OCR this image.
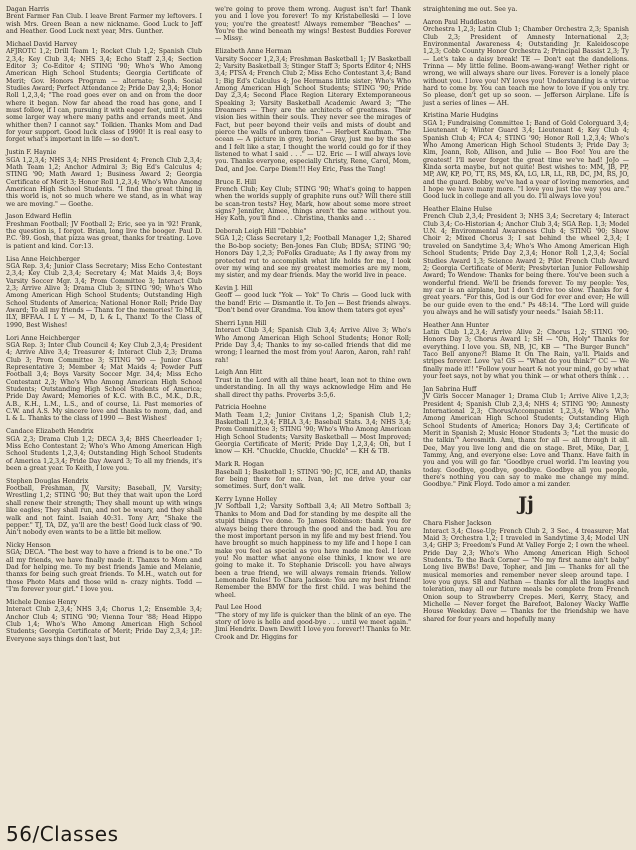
Dagan Harris
Brent Farmer Fan Club. I leave Brent Farmer my leftovers. I wish Mrs. Green Bean a new nickname. Good Luck to Jeff and Heather. Good Luck next year, Mrs. Gunther.
Michael David Harvey
AFJROTC 1,2; Drill Team 1; Rocket Club 1,2; Spanish Club 2,3,4; Key Club 3,4; NHS 3,4; Echo Staff 2,3,4; Section Editor 3; Co-Editor 4; STING '90; Who's Who Among American High School Students; Georgia Certificate of Merit; Gov. Honors Program — alternate; Soph. Social Studies Award; Perfect Attendance 2; Pride Day 2,3,4; Honor Roll 1,2,3,4; "The road goes ever on and on from the door where it began. Now far ahead the road has gone, and I must follow, if I can, pursuing it with eager feet, until it joins some larger way where many paths and errands meet. And whither then? I cannot say." Tolkien. Thanks Mom and Dad for your support. Good luck class of 1990! It is real easy to forget what's important in life — so don't.
Justin F. Haynie
SGA 1,2,3,4; NHS 3,4; NHS President 4; French Club 2,3,4; Math Team 1,2; Anchor Admiral 3; Big Ed's Calculus 4; STING '90; Math Award 1; Business Award 2; Georgia Certificate of Merit 3; Honor Roll 1,2,3,4; Who's Who Among American High School Students. "I find the great thing in this world is, not so much where we stand, as in what way we are moving." — Goethe.
Jason Edward Heflin
Freshman Football; JV Football 2; Eric, see ya in '92! Frank, the question is, I forgot. Brian, long live the booger. Paul D. P.C. '89. Gosh, that pizza was great, thanks for treating. Love is patient and kind. Cor:13.
Lisa Anne Heichberger
SGA Rep. 3,4; Junior Class Secretary; Miss Echo Contestant 2,3,4; Key Club 2,3,4; Secretary 4; Mat Maids 3,4; Boys Varsity Soccer Mgr. 3,4; Prom Committee 3; Interact Club 2,3; Arrive Alive 3; Drama Club 3; STING '90; Who's Who Among American High School Students; Outstanding High School Students of America; National Honor Roll; Pride Day Award; To all my friends — Thanx for the memories! To MLR, ILY, BFFAA. I L Y — M, D, L & L, Thanx! To the Class of 1990, Best Wishes!
Lori Anne Heichberger
SGA Rep. 3; Inter Club Council 4; Key Club 2,3,4; President 4; Arrive Alive 3,4; Treasurer 4; Interact Club 2,3; Drama Club 3; Prom Committee 3; STING '90 — Junior Class Representative 3; Member 4; Mat Maids 4; Powder Puff Football 3,4; Boys Varsity Soccer Mgr. 34,4; Miss Echo Contestant 2,3; Who's Who Among American High School Students; Outstanding High School Students of America; Pride Day Award; Memories of K.C. with B.C., M.K., D.R., A.B., K.H., L.M., L.S., and of course, Li. Past memories of C.W. and A.S. My sincere love and thanks to mom, dad, and L & L. Thanks to the class of 1990 — Best Wishes!
Candace Elizabeth Hendrix
SGA 2,3; Drama Club 1,2; DECA 3,4; BHS Cheerleader 1; Miss Echo Contestant 2; Who's Who Among American High School Students 1,2,3,4; Outstanding High School Students of America 1,2,3,4; Pride Day Award 3; To all my friends, it's been a great year. To Keith, I love you.
Stephen Douglas Hendrix
Football, Freshman, JV, Varsity; Baseball, JV, Varsity; Wrestling 1,2; STING '90; But they that wait upon the Lord shall renew their strength; They shall mount up with wings like eagles; They shall run, and not be weary, and they shall walk and not faint. Isaiah 40:31. Tony Arr, "Shake the pepper." TJ, TA, DZ, ya'll are the best! Good luck class of '90. Ain't nobody even wants to be a little bit mellow.
Nicky Henson
SGA; DECA. "The best way to have a friend is to be one." To all my friends, we have finally made it. Thanxs to Mom and Dad for helping me. To my best friends Jamie and Melanie, thanxs for being such great friends. To M.H., watch out for those Photo Mats and those wild n- crazy nights. Todd — "I'm forever your girl." I love you.
Michele Denise Henry
Interact Club 2,3,4; NHS 3,4; Chorus 1,2; Ensemble 3,4; Anchor Club 4; STING '90; Vienna Tour '88; Head Hippo Club 1,4; Who's Who Among American High School Students; Georgia Certificate of Merit; Pride Day 2,3,4; J.P.: Everyone says things don't last, but
we're going to prove them wrong. August isn't far! Thank you and I love you forever! To my Kristabelleski — I love you; you're the greatest! Always remember "Beaches" — You're the wind beneath my wings! Bestest Buddies Forever — Missy.
Elizabeth Anne Herman
Varsity Soccer 1,2,3,4; Freshman Basketball 1; JV Basketball 2; Varsity Basketball 3; Stinger Staff 3; Sports Editor 4; NHS 3,4; PTSA 4; French Club 2; Miss Echo Contestant 3,4; Band 1; Big Ed's Calculus 4; Joe Hermans little sister; Who's Who Among American High School Students; STING '90; Pride Day 2,3,4; Second Place Region Literary Extemporaneous Speaking 3; Varsity Basketball Academic Award 3; "The Dreamers — They are the architects of greatness. Their vision lies within their souls. They never see the mirages of Fact, but peer beyond their veils and mists of doubt and pierce the walls of unborn time." — Herbert Kaufman. "The ocean — A picture in grey, borian Gray, just me by the sea and I felt like a star, I thought the world could go for if they listened to what I said . . ." — U2. Eric — I will always love you. Thanks everyone, especially Christy, Rene, Carol, Mom, Dad, and Joe. Carpe Diem!!! Hey Eric, Pass the Tang!
Bruce E. Hill
French Club; Key Club; STING '90; What's going to happen when the worlds supply of graphite runs out? Will there still be scan-tron tests? Hey, Mark, how about some more street signs? Jennifer, Aimee, things aren't the same without you. Hey Kath, you'll find . . . Christina, thanks and . . .
Deborah Leigh Hill "Debbie"
SGA 1,2; Class Secretary 1,2; Football Manager 1,2; Shared the Bo-bop society; Ben-Jones Fan Club; BDSA; STING '90; Honors Day 1,2,3; PoFolks Graduate; As I fly away from my protected rut to accomplish what life holds for me, I look over my wing and see my greatest memories are my mom, my sister, and my dear friends. May the world live in peace.
Kevin J. Hill
Geoff — good luck "Yok — Yok" To Chris — Good luck with the band! Eric — Dismantle it. To Jen — Best friends always. "Don't bend over Grandma. You know them taters got eyes"
Sherri Lynn Hill
Interact Club 3,4; Spanish Club 3,4; Arrive Alive 3; Who's Who Among American High School Students; Honor Roll; Pride Day 3,4; Thanks to my so-called friends that did me wrong; I learned the most from you! Aaron, Aaron, rah! rah! rah!
Leigh Ann Hitt
Trust in the Lord with all thine heart, lean not to thine own understanding. In all thy ways acknowledge Him and He shall direct thy paths. Proverbs 3:5,6.
Patricia Hoehne
Math Team 1,2; Junior Civitans 1,2; Spanish Club 1,2; Basketball 1,2,3,4; FBLA 3,4; Baseball Stats. 3,4; NHS 3,4; Prom Committee 3; STING '90; Who's Who Among American High School Students; Varsity Basketball — Most Improved; Georgia Certificate of Merit; Pride Day 1,2,3,4; Oh, but I know — KH. "Chuckle, Chuckle, Chuckle" — KH & TB.
Mark R. Hogan
Baseball 1; Basketball 1; STING '90; JC, ICE, and AD, thanks for being there for me. Ivan, let me drive your car sometimes. Surf, don't walk.
Kerry Lynne Holley
JV Softball 1,2; Varsity Softball 3,4; All Metro Softball 3; Thanks to Mom and Dad for standing by me despite all the stupid things I've done. To James Robinson: thank you for always being there through the good and the bad. You are the most important person in my life and my best friend. You have brought so much happiness to my life and I hope I can make you feel as special as you have made me feel. I love you! No matter what anyone else thinks, I know we are going to make it. To Stephanie Driscoll: you have always been a true friend, we will always remain friends. Yellow Lemonade Rules! To Chara Jackson: You are my best friend! Remember the BMW for the first child. I was behind the wheel.
Paul Lee Hood
"The story of my life is quicker than the blink of an eye. The story of love is hello and good-bye . . . until we meet again." Jimi Hendrix. Dawn Dewitt I love you forever!! Thanks to Mr. Crook and Dr. Higgins for
straightening me out. See ya.
Aaron Paul Huddleston
Orchestra 1,2,3; Latin Club 1; Chamber Orchestra 2,3; Spanish Club 2,3; President of Amnesty International 2,3; Environmental Awareness 4; Outstanding Jr. Kaleidoscope 1,2,3; Cobb County Honor Orchestra 2; Principal Bassist 2,3; Ty — Let's take a daisy break! TE — Don't eat the dandelions. Trinna — My little feline. Boom-awang-wang! Wether right or wrong, we will always share our lives. Forever is a lonely place without you. I love you! NY loves you! Understanding is a virtue hard to come by. You can teach me how to love if you only try. So please, don't get up so soon. — Jefferson Airplane. Life is just a series of lines — AH.
Kristina Marie Hudgins
SGA 1; Fundraising Committee 1; Band of Gold Colorguard 3,4; Lieutenant 4; Winter Guard 3,4; Lieutenant 4; Key Club 4; Spanish Club 4; FCA 4; STING '90; Honor Roll 1,2,3,4; Who's Who Among American High School Students 3; Pride Day 3; Kim, Joann, Rob, Allison, and Julie — Boo Foo! You are the greatest! I'll never forget the great time we've had! JoJo — Kinda sorta maybe, but not quite! Best wishes to: MM, JB, PP, MP, AW, KP, PO, TT, RS, MS, KA, LG, LR, LL, RB, DC, JM, RS, JO, and the guard. Bobby, we've had a year of loving memories, and I hope we have many more. "I love you just the way you are." Good luck in college and all you do. I'll always love you!
Heather Elaine Hulse
French Club 2,3,4; President 3; NHS 3,4; Secretary 4; Interact Club 3,4; Co-Historian 4; Anchor Club 3,4; SGA Rep. 1,3; Model U.N. 4; Environmental Awareness Club 4; STING '90; Show Choir 2; Mixed Chorus 3; I sat behind the wheel 2,3,4; I traveled on Sandytime 3,4; Who's Who Among American High School Students; Pride Day 2,3,4; Honor Roll 1,2,3,4; Social Studies Award 1,3; Science Award 2; Pilot French Club Award 2; Georgia Certificate of Merit; Presbyterian Junior Fellowship Award; To Wendow: Thanks for being there. You've been such a wonderful friend. We'll be friends forever. To my people: Yes, my car is an airplane, but I don't drive too slow. Thanks for 4 great years. "For this, God is our God for ever and ever; He will be our guide even to the end." Ps 48:14. "The Lord will guide you always and he will satisfy your needs." Isaiah 58:11.
Heather Ann Hunter
Latin Club 1,2,3,4; Arrive Alive 2; Chorus 1,2; STING '90; Honors Day 3; Chorus Award 1; SH — "Oh, Holy" Thanks for everything. I love you. SB, NB, JC, KB — "The Burger Bunch" Taco Bell anyone?! Blame It On The Rain, ya'll. Plaids and stripes forever. Love 'ya! GS — "What do you think?" CC — We finally made it!! "Follow your heart & not your mind, go by what your feet says, not by what you think — or what others think . . .
Jan Sabrina Huff
JV Girls Soccer Manager 1; Drama Club 1; Arrive Alive 1,2,3; President 4; Spanish Club 2,3,4; NHS 4; STING '90; Amnesty International 2,3; Chorus/Accompanist 1,2,3,4; Who's Who Among American High School Students; Outstanding High School Students of America; Honors Day 3,4; Certificate of Merit in Spanish 2; Music Honor Students 3; "Let the music do the talkin'" Aerosmith. Ami, thanx for all — all through it all. Dee, May you live long and die on stage. Bret, Mike, Dar, J, Tammy, Ang, and everyone else: Love and Thanx. Have faith in you and you will go far. "Goodbye cruel world. I'm leaving you today. Goodbye, goodbye, goodbye. Goodbye all you people, there's nothing you can say to make me change my mind. Goodbye." Pink Floyd. Todo amor a mi zander.
Jj
Chara Fisher Jackson
Interact 3,4; Close-Up; French Club 2, 3 Sec., 4 treasurer; Mat Maid 3; Orchestra 1,2; I traveled in Sandytime 3,4; Model UN 3,4; GHP 3; Freedom's Fund At Valley Forge 2; I own the wheel. Pride Day 2,3; Who's Who Among American High School Students. To the Back Corner — "No my first name ain't baby" Long live BWBs! Dave, Topher, and Jim — Thanks for all the musical memories and remember never sleep around tape. I love you guys. SB and Nathan — thanks for all the laughs and toleration, may all our future meals be complete from French Onion soup to Strawberry Crepes. Meri, Kerry, Stacy, and Michelle — Never forget the Barefoot, Baloney Wacky Waffle House Weekday. Dave — Thanks for the friendship we have shared for four years and hopefully many
56/Classes
